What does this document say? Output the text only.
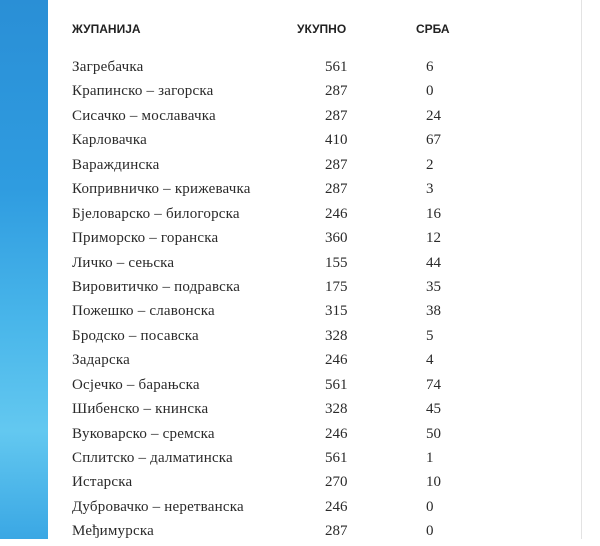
ЖУПАНИЈА	УКУПНО	СРБА
Загребачка	561	6
Крапинско – загорска	287	0
Сисачко – мославачка	287	24
Карловачка	410	67
Вараждинска	287	2
Копривничко – крижевачка	287	3
Бјеловарско – билогорска	246	16
Приморско – горанска	360	12
Личко – сењска	155	44
Вировитичко – подравска	175	35
Пожешко – славонска	315	38
Бродско – посавска	328	5
Задарска	246	4
Осјечко – барањска	561	74
Шибенско – книнска	328	45
Вуковарско – сремска	246	50
Сплитско – далматинска	561	1
Истарска	270	10
Дубровачко – неретванска	246	0
Међимурска	287	0
